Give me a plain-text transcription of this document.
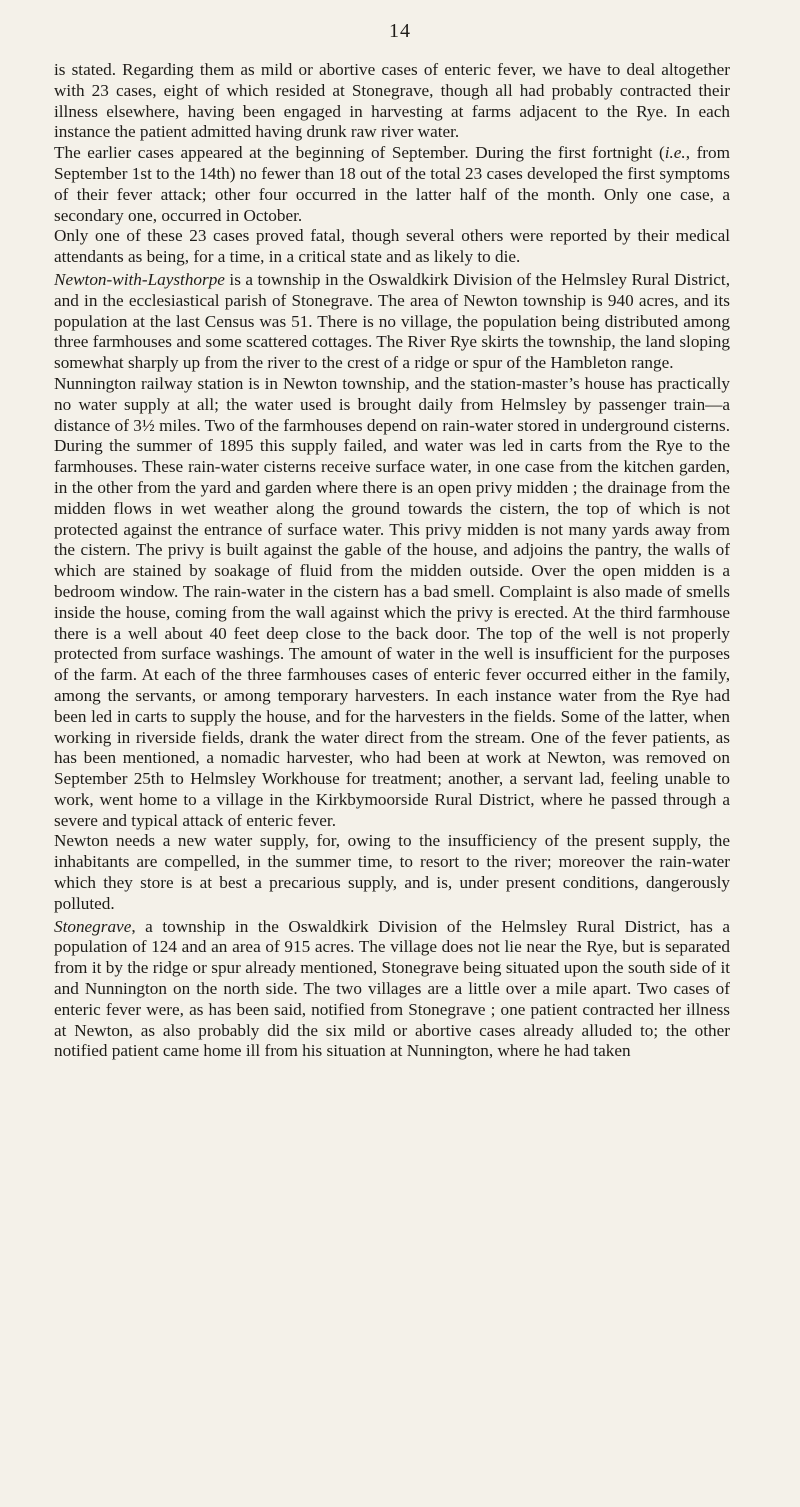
14

is stated. Regarding them as mild or abortive cases of enteric fever, we have to deal altogether with 23 cases, eight of which resided at Stonegrave, though all had probably contracted their illness elsewhere, having been engaged in harvesting at farms adjacent to the Rye. In each instance the patient admitted having drunk raw river water.

The earlier cases appeared at the beginning of September. During the first fortnight (i.e., from September 1st to the 14th) no fewer than 18 out of the total 23 cases developed the first symptoms of their fever attack; other four occurred in the latter half of the month. Only one case, a secondary one, occurred in October.

Only one of these 23 cases proved fatal, though several others were reported by their medical attendants as being, for a time, in a critical state and as likely to die.

Newton-with-Laysthorpe is a township in the Oswaldkirk Division of the Helmsley Rural District, and in the ecclesiastical parish of Stonegrave. The area of Newton township is 940 acres, and its population at the last Census was 51. There is no village, the population being distributed among three farmhouses and some scattered cottages. The River Rye skirts the township, the land sloping somewhat sharply up from the river to the crest of a ridge or spur of the Hambleton range.

Nunnington railway station is in Newton township, and the station-master’s house has practically no water supply at all; the water used is brought daily from Helmsley by passenger train—a distance of 3½ miles. Two of the farmhouses depend on rain-water stored in underground cisterns. During the summer of 1895 this supply failed, and water was led in carts from the Rye to the farmhouses. These rain-water cisterns receive surface water, in one case from the kitchen garden, in the other from the yard and garden where there is an open privy midden ; the drainage from the midden flows in wet weather along the ground towards the cistern, the top of which is not protected against the entrance of surface water. This privy midden is not many yards away from the cistern. The privy is built against the gable of the house, and adjoins the pantry, the walls of which are stained by soakage of fluid from the midden outside. Over the open midden is a bedroom window. The rain-water in the cistern has a bad smell. Complaint is also made of smells inside the house, coming from the wall against which the privy is erected. At the third farmhouse there is a well about 40 feet deep close to the back door. The top of the well is not properly protected from surface washings. The amount of water in the well is insufficient for the purposes of the farm. At each of the three farmhouses cases of enteric fever occurred either in the family, among the servants, or among temporary harvesters. In each instance water from the Rye had been led in carts to supply the house, and for the harvesters in the fields. Some of the latter, when working in riverside fields, drank the water direct from the stream. One of the fever patients, as has been mentioned, a nomadic harvester, who had been at work at Newton, was removed on September 25th to Helmsley Workhouse for treatment; another, a servant lad, feeling unable to work, went home to a village in the Kirkbymoorside Rural District, where he passed through a severe and typical attack of enteric fever.

Newton needs a new water supply, for, owing to the insufficiency of the present supply, the inhabitants are compelled, in the summer time, to resort to the river; moreover the rain-water which they store is at best a precarious supply, and is, under present conditions, dangerously polluted.

Stonegrave, a township in the Oswaldkirk Division of the Helmsley Rural District, has a population of 124 and an area of 915 acres. The village does not lie near the Rye, but is separated from it by the ridge or spur already mentioned, Stonegrave being situated upon the south side of it and Nunnington on the north side. The two villages are a little over a mile apart. Two cases of enteric fever were, as has been said, notified from Stonegrave ; one patient contracted her illness at Newton, as also probably did the six mild or abortive cases already alluded to; the other notified patient came home ill from his situation at Nunnington, where he had taken
